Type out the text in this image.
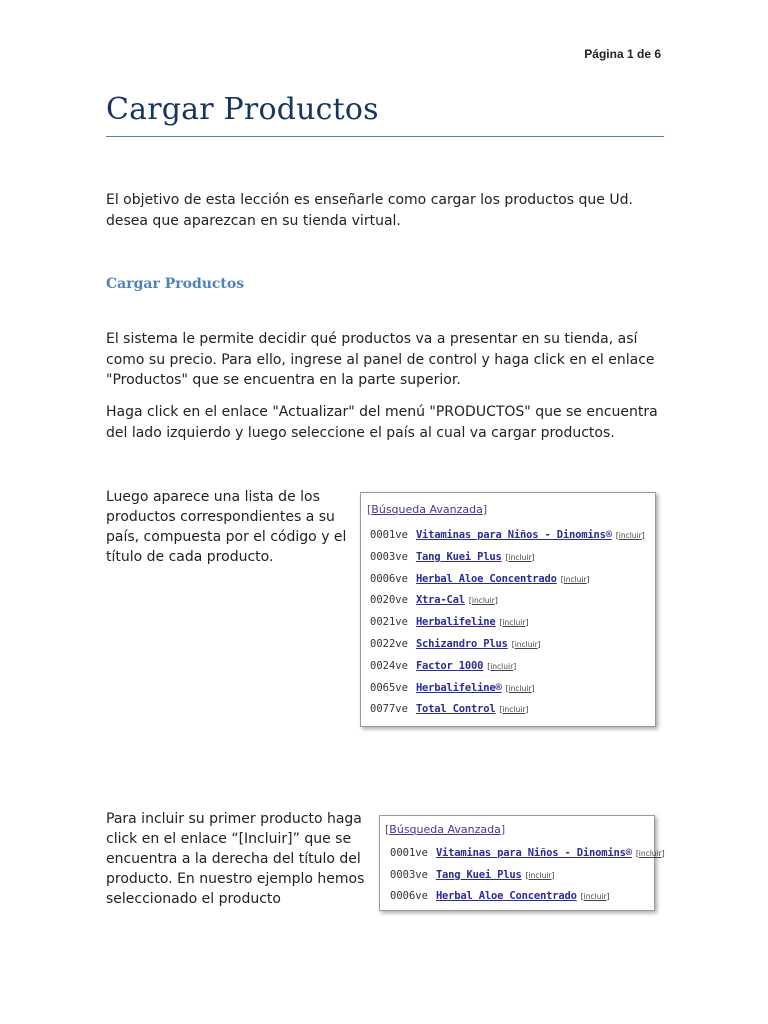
Página 1 de 6
Cargar Productos

El objetivo de esta lección es enseñarle como cargar los productos que Ud. desea que aparezcan en su tienda virtual.

Cargar Productos

El sistema le permite decidir qué productos va a presentar en su tienda, así como su precio. Para ello, ingrese al panel de control y haga click en el enlace "Productos" que se encuentra en la parte superior.

Haga click en el enlace "Actualizar" del menú "PRODUCTOS" que se encuentra del lado izquierdo y luego seleccione el país al cual va cargar productos.

Luego aparece una lista de los productos correspondientes a su país, compuesta por el código y el título de cada producto.

Para incluir su primer producto haga click en el enlace “[Incluir]” que se encuentra a la derecha del título del producto. En nuestro ejemplo hemos seleccionado el producto

[Búsqueda Avanzada]
0001ve Vitaminas para Niños - Dinomins® [incluir]
0003ve Tang Kuei Plus [incluir]
0006ve Herbal Aloe Concentrado [incluir]
0020ve Xtra-Cal [incluir]
0021ve Herbalifeline [incluir]
0022ve Schizandro Plus [incluir]
0024ve Factor 1000 [incluir]
0065ve Herbalifeline® [incluir]
0077ve Total Control [incluir]
[Búsqueda Avanzada]
0001ve Vitaminas para Niños - Dinomins® [incluir]
0003ve Tang Kuei Plus [incluir]
0006ve Herbal Aloe Concentrado [incluir]
